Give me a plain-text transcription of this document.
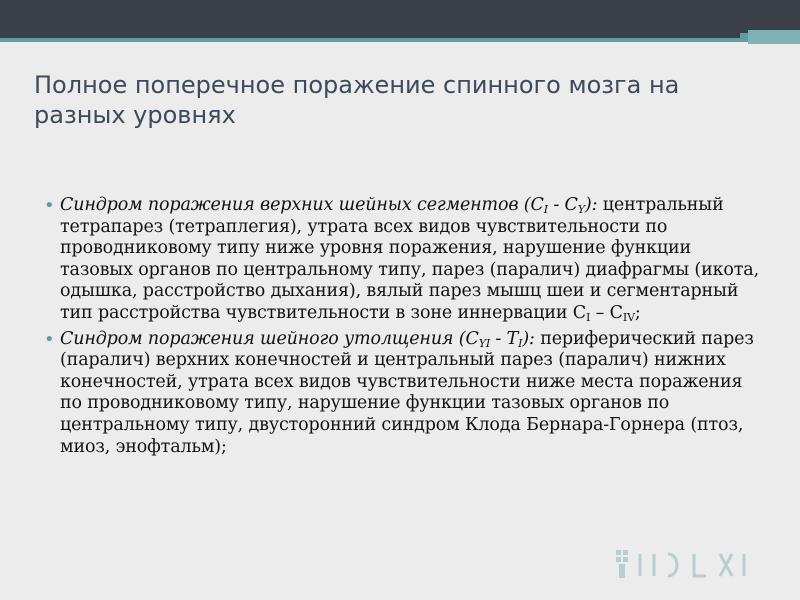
Полное поперечное поражение спинного мозга на разных уровнях
• Синдром поражения верхних шейных сегментов $(C_I - C_Y)$: центральный тетрапарез (тетраплегия), утрата всех видов чувствительности по проводниковому типу ниже уровня поражения, нарушение функции тазовых органов по центральному типу, парез (паралич) диафрагмы (икота, одышка, расстройство дыхания), вялый парез мышц шеи и сегментарный тип расстройства чувствительности в зоне иннервации $С_I - С_{IV}$;
• Синдром поражения шейного утолщения $(C_{YI} - T_I)$: периферический парез (паралич) верхних конечностей и центральный парез (паралич) нижних конечностей, утрата всех видов чувствительности ниже места поражения по проводниковому типу, нарушение функции тазовых органов по центральному типу, двусторонний синдром Клода Бернара-Горнера (птоз, миоз, энофтальм);
